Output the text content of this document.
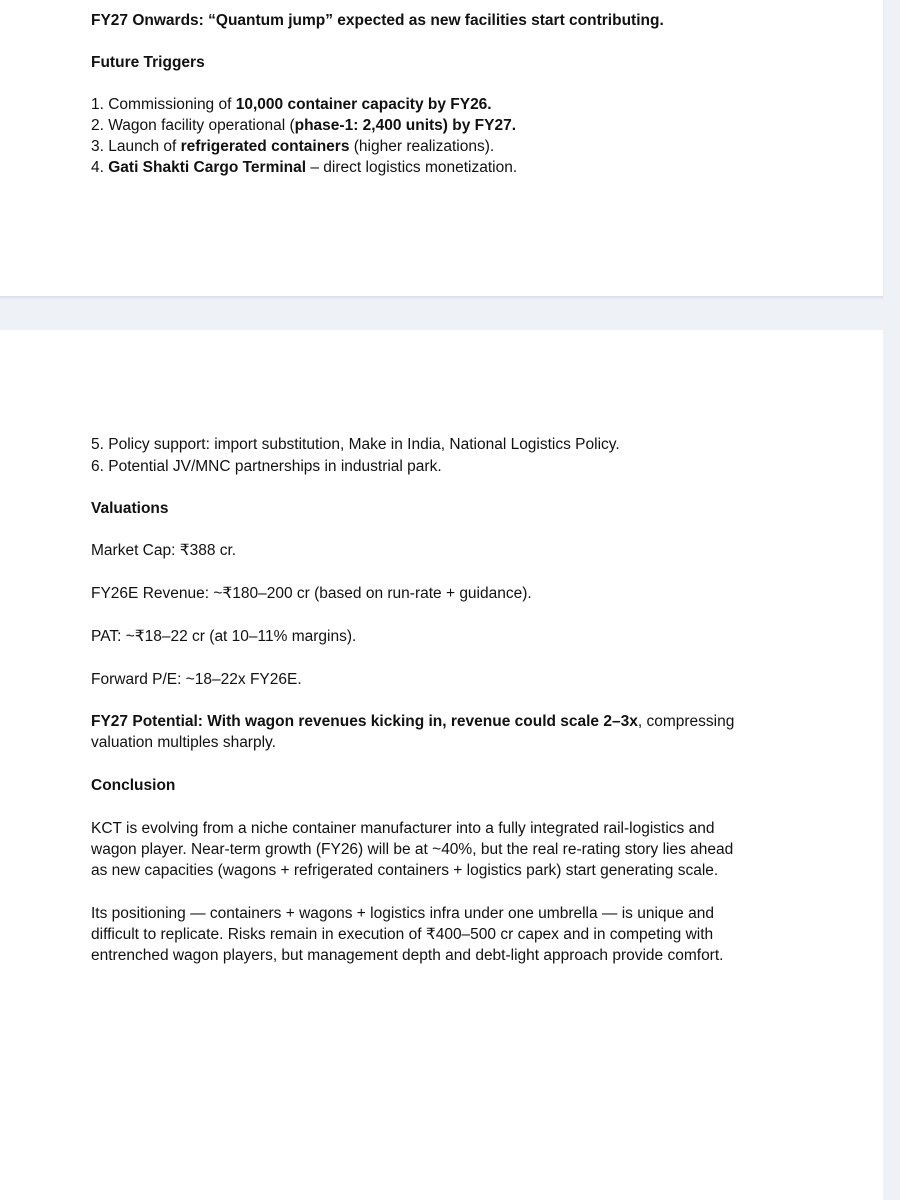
FY27 Onwards: “Quantum jump” expected as new facilities start contributing.
Future Triggers
1. Commissioning of 10,000 container capacity by FY26.
2. Wagon facility operational (phase-1: 2,400 units) by FY27.
3. Launch of refrigerated containers (higher realizations).
4. Gati Shakti Cargo Terminal – direct logistics monetization.
5. Policy support: import substitution, Make in India, National Logistics Policy.
6. Potential JV/MNC partnerships in industrial park.
Valuations
Market Cap: ₹388 cr.
FY26E Revenue: ~₹180–200 cr (based on run-rate + guidance).
PAT: ~₹18–22 cr (at 10–11% margins).
Forward P/E: ~18–22x FY26E.
FY27 Potential: With wagon revenues kicking in, revenue could scale 2–3x, compressing
valuation multiples sharply.
Conclusion
KCT is evolving from a niche container manufacturer into a fully integrated rail-logistics and
wagon player. Near-term growth (FY26) will be at ~40%, but the real re-rating story lies ahead
as new capacities (wagons + refrigerated containers + logistics park) start generating scale.
Its positioning — containers + wagons + logistics infra under one umbrella — is unique and
difficult to replicate. Risks remain in execution of ₹400–500 cr capex and in competing with
entrenched wagon players, but management depth and debt-light approach provide comfort.
